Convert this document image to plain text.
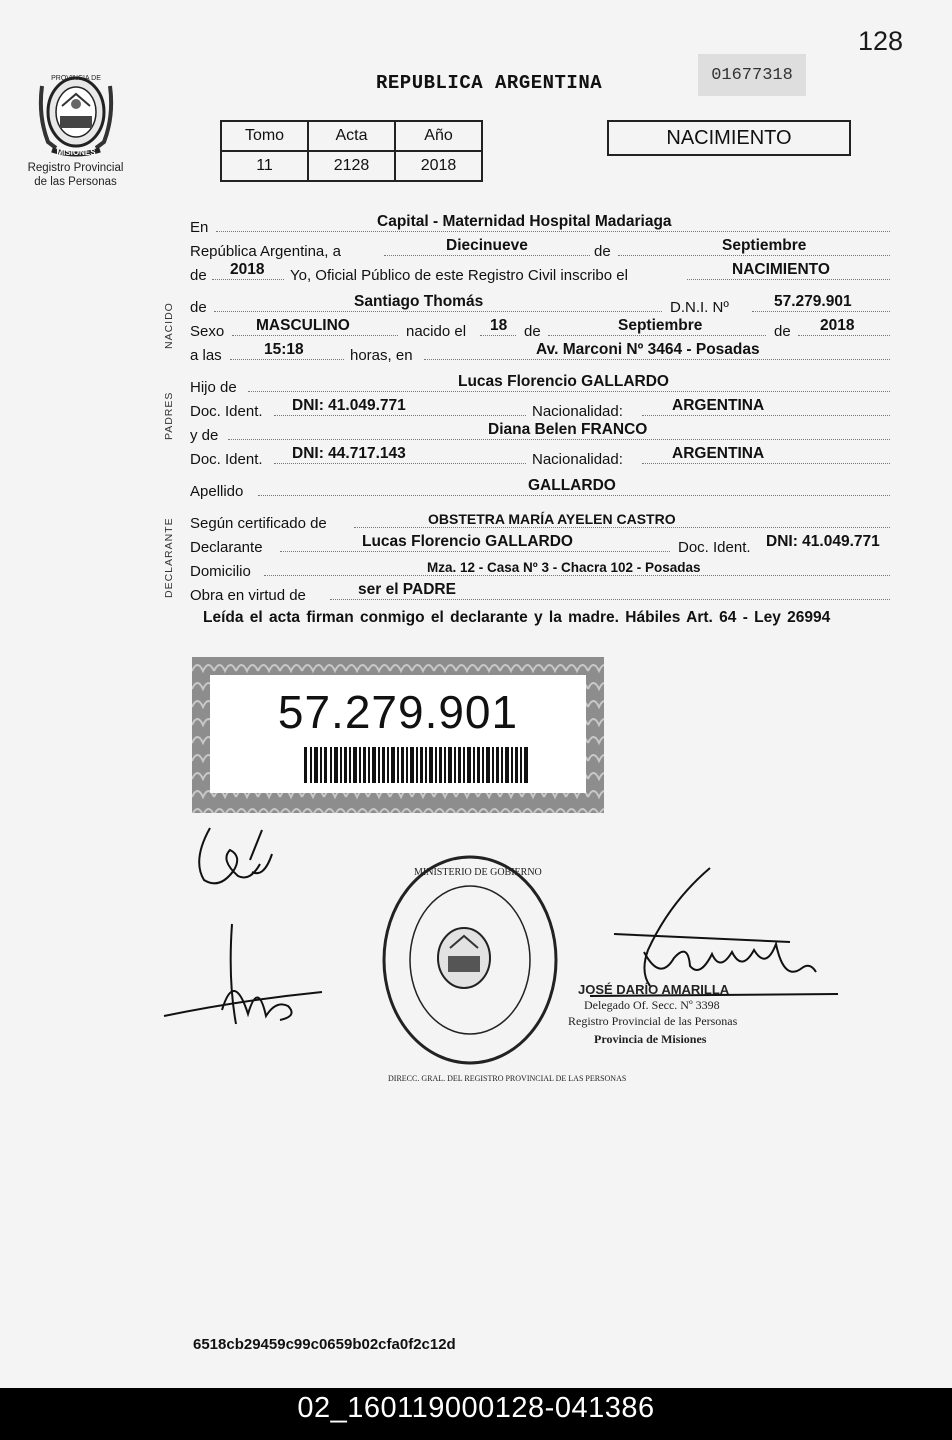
128
PROVINCIA DE
MISIONES
Registro Provincial
de las Personas
REPUBLICA ARGENTINA	01677318
Tomo	Acta	Año
11	2128	2018
NACIMIENTO
NACIDO
PADRES
DECLARANTE
En	Capital - Maternidad Hospital Madariaga
República Argentina, a	Diecinueve	de	Septiembre
de 2018 Yo, Oficial Público de este Registro Civil inscribo el	NACIMIENTO
de	Santiago Thomás	D.N.I. Nº	57.279.901
Sexo MASCULINO	nacido el 18 de	Septiembre	de 2018
a las	15:18	horas, en	Av. Marconi Nº 3464 - Posadas
Hijo de	Lucas Florencio GALLARDO
Doc. Ident. DNI: 41.049.771	Nacionalidad:	ARGENTINA
y de	Diana Belen FRANCO
Doc. Ident. DNI: 44.717.143	Nacionalidad:	ARGENTINA
Apellido	GALLARDO
Según certificado de	OBSTETRA MARÍA AYELEN CASTRO
Declarante	Lucas Florencio GALLARDO	Doc. Ident. DNI: 41.049.771
Domicilio	Mza. 12 - Casa Nº 3 - Chacra 102 - Posadas
Obra en virtud de	ser el PADRE
Leída el acta firman conmigo el declarante y la madre. Hábiles Art. 64 - Ley 26994
57.279.901
MINISTERIO DE GOBIERNO
DIRECC. GRAL. DEL REGISTRO PROVINCIAL DE LAS PERSONAS
JOSÉ DARÍO AMARILLA
Delegado Of. Secc. Nº 3398
Registro Provincial de las Personas
Provincia de Misiones
6518cb29459c99c0659b02cfa0f2c12d
02_160119000128-041386
